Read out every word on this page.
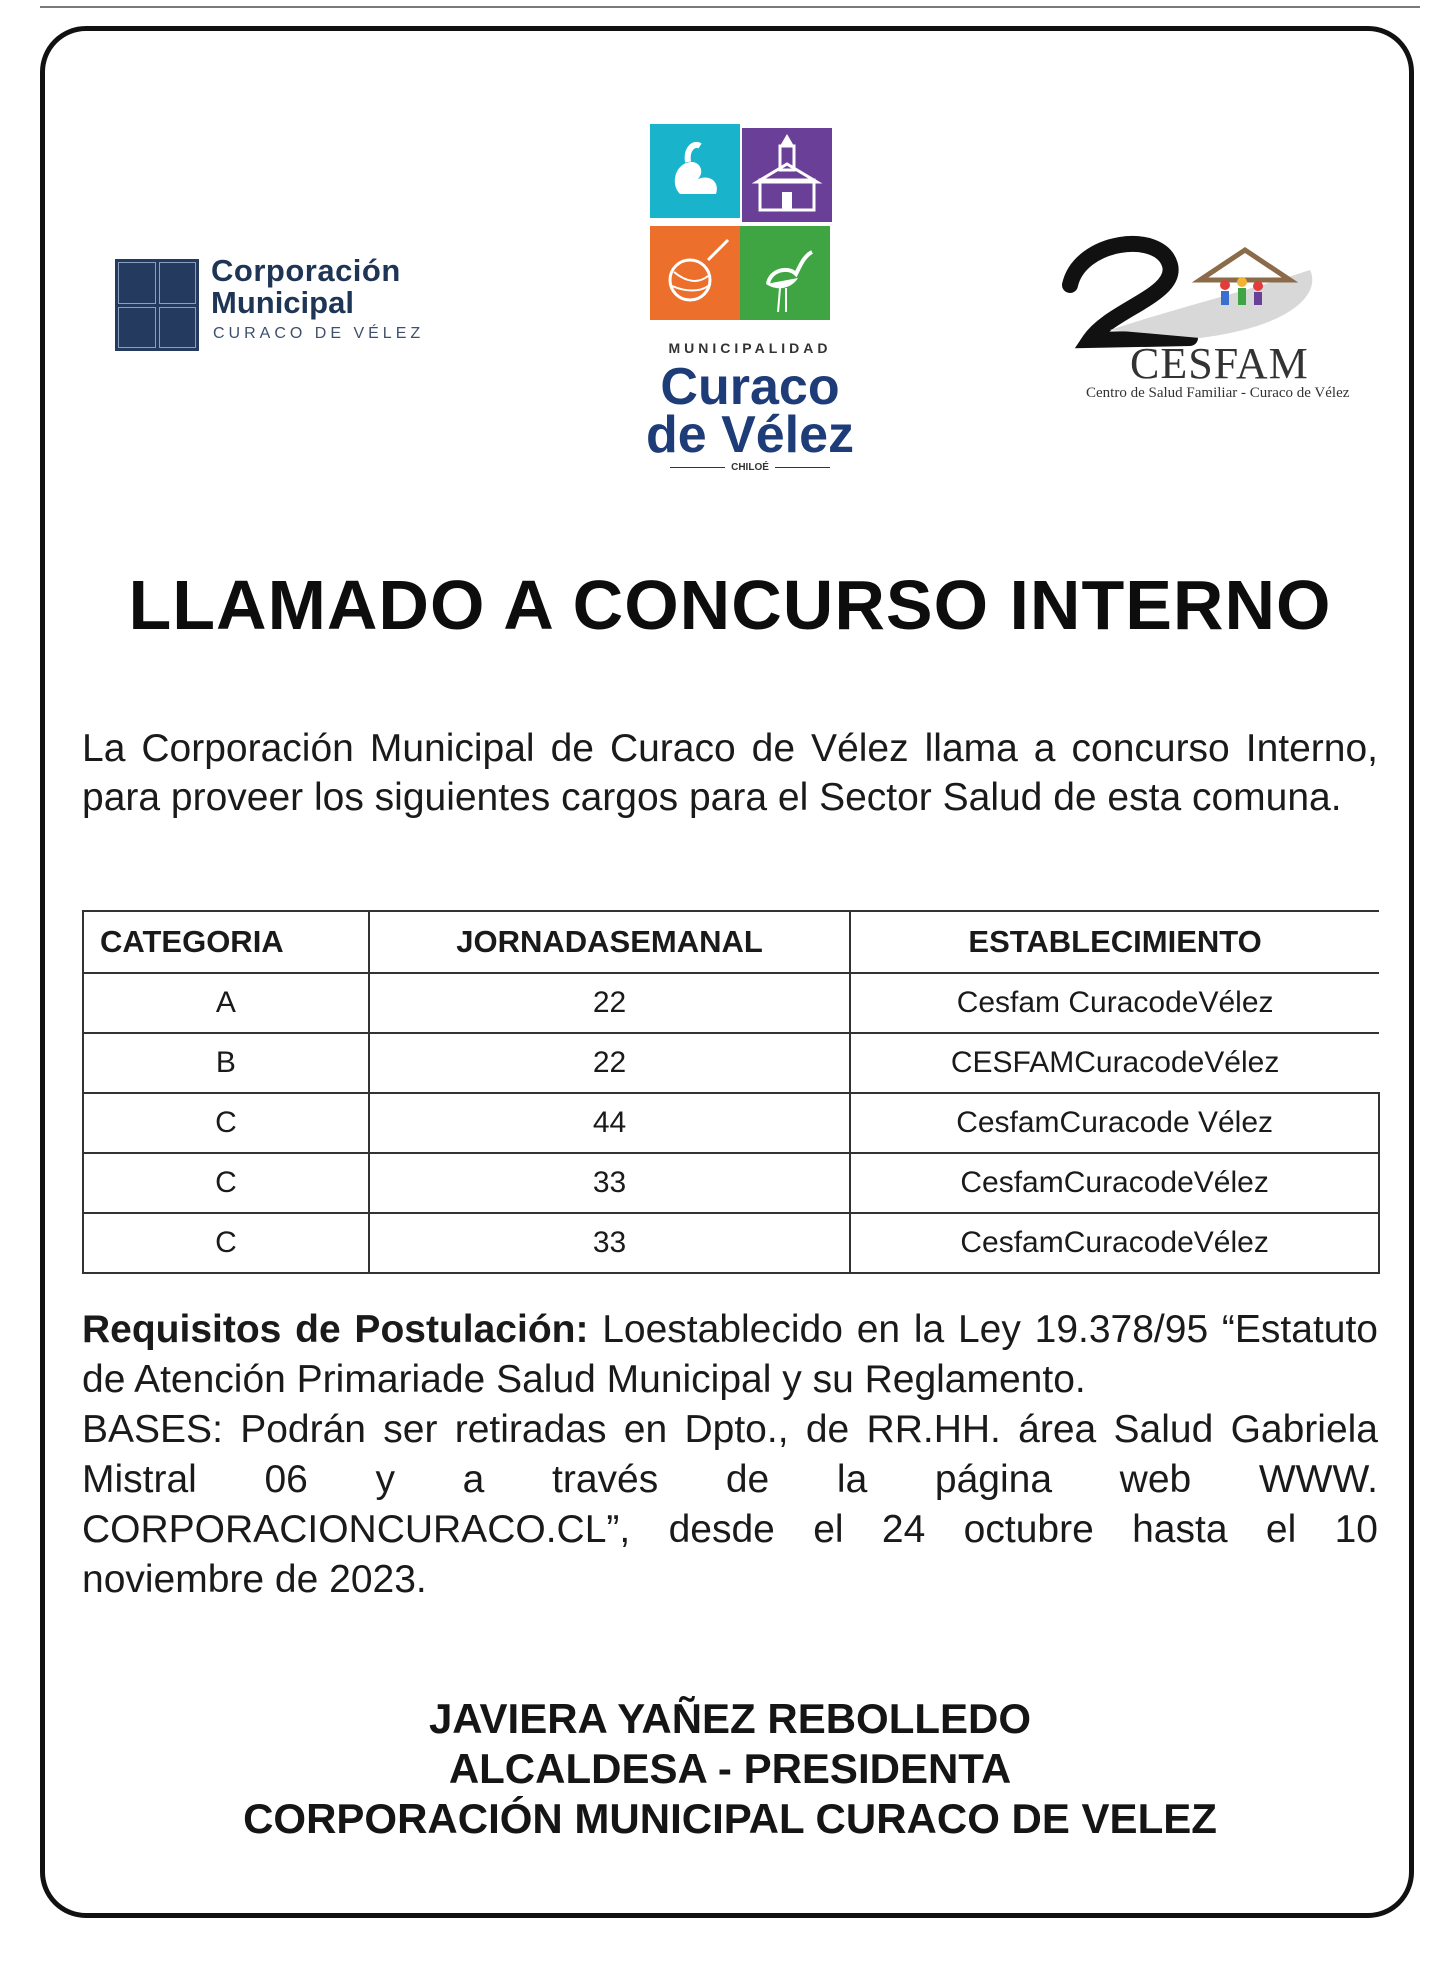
Corporación
Municipal
CURACO DE VÉLEZ
MUNICIPALIDAD
Curaco
de Vélez
CHILOÉ
CESFAM
Centro de Salud Familiar - Curaco de Vélez
LLAMADO A CONCURSO INTERNO
La Corporación Municipal de Curaco de Vélez llama a concurso Interno, para proveer los siguientes cargos para el Sector Salud de esta comuna.
CATEGORIA	JORNADASEMANAL	ESTABLECIMIENTO
A	22	Cesfam CuracodeVélez
B	22	CESFAMCuracodeVélez
C	44	CesfamCuracode Vélez
C	33	CesfamCuracodeVélez
C	33	CesfamCuracodeVélez

Requisitos de Postulación: Loestablecido en la Ley 19.378/95 “Estatuto de Atención Primariade Salud Municipal y su Reglamento.

BASES: Podrán ser retiradas en Dpto., de RR.HH. área Salud Gabriela Mistral 06 y a través de la página web WWW. CORPORACIONCURACO.CL”, desde el 24 octubre hasta el 10 noviembre de 2023.

JAVIERA YAÑEZ REBOLLEDO
ALCALDESA - PRESIDENTA
CORPORACIÓN MUNICIPAL CURACO DE VELEZ
